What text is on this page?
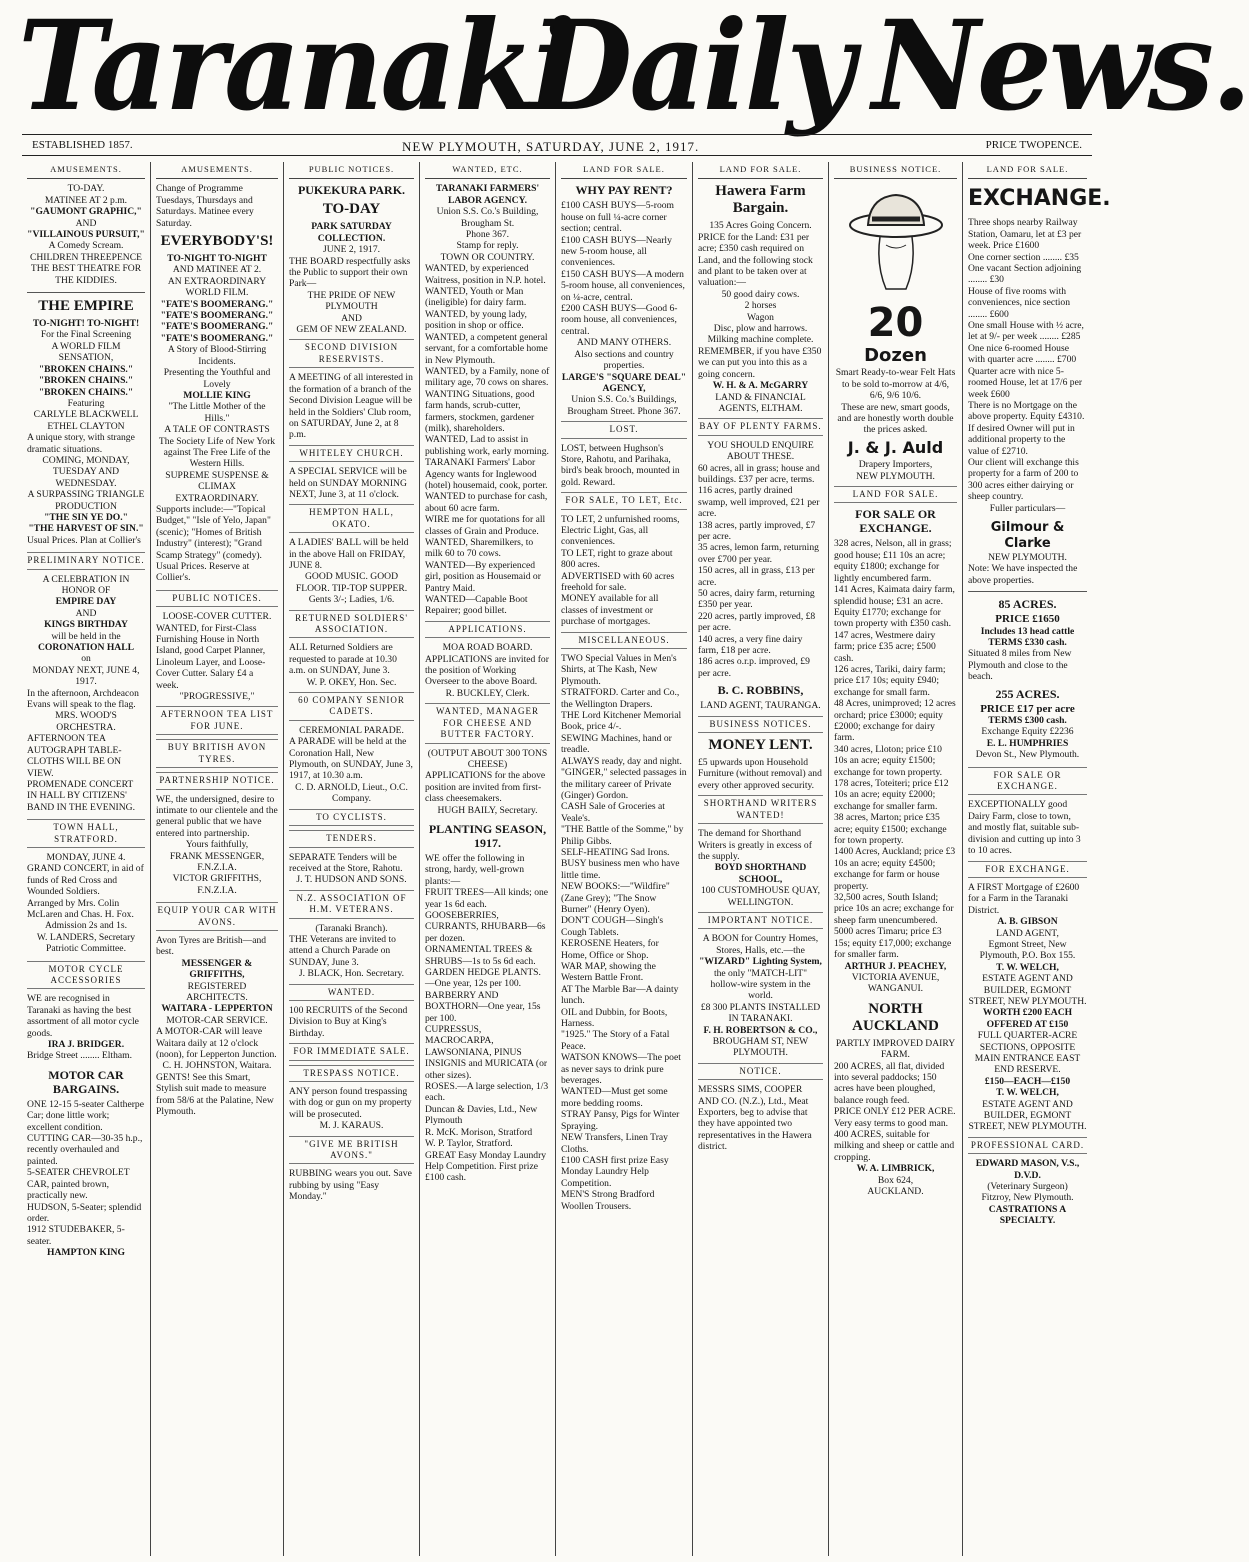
Taranaki
Daily News.
ESTABLISHED 1857.	NEW PLYMOUTH, SATURDAY, JUNE 2, 1917.	PRICE TWOPENCE.
AMUSEMENTS.
TO-DAY.
MATINEE AT 2 p.m.
"GAUMONT GRAPHIC,"
AND
"VILLAINOUS PURSUIT,"
A Comedy Scream.
CHILDREN THREEPENCE
THE BEST THEATRE FOR
THE KIDDIES.
THE EMPIRE
TO-NIGHT! TO-NIGHT!
For the Final Screening
A WORLD FILM SENSATION,
"BROKEN CHAINS."
"BROKEN CHAINS."
"BROKEN CHAINS."
Featuring
CARLYLE BLACKWELL
ETHEL CLAYTON
A unique story, with strange dramatic situations.
COMING, MONDAY, TUESDAY AND WEDNESDAY.
A SURPASSING TRIANGLE PRODUCTION
"THE SIN YE DO."
"THE HARVEST OF SIN."
Usual Prices. Plan at Collier's
PRELIMINARY NOTICE.
A CELEBRATION IN HONOR OF
EMPIRE DAY
AND
KINGS BIRTHDAY
will be held in the
CORONATION HALL
on
MONDAY NEXT, JUNE 4, 1917.
In the afternoon, Archdeacon Evans will speak to the flag.
MRS. WOOD'S ORCHESTRA.
AFTERNOON TEA AUTOGRAPH TABLE-CLOTHS WILL BE ON VIEW.
PROMENADE CONCERT IN HALL BY CITIZENS' BAND IN THE EVENING.
TOWN HALL, STRATFORD.
MONDAY, JUNE 4.
GRAND CONCERT, in aid of funds of Red Cross and Wounded Soldiers.
Arranged by Mrs. Colin McLaren and Chas. H. Fox.
Admission 2s and 1s.
W. LANDERS, Secretary Patriotic Committee.
MOTOR CYCLE ACCESSORIES
WE are recognised in Taranaki as having the best assortment of all motor cycle goods.
IRA J. BRIDGER.
Bridge Street ........ Eltham.
MOTOR CAR BARGAINS.
ONE 12-15 5-seater Caltherpe Car; done little work; excellent condition.
CUTTING CAR—30-35 h.p., recently overhauled and painted.
5-SEATER CHEVROLET CAR, painted brown, practically new.
HUDSON, 5-Seater; splendid order.
1912 STUDEBAKER, 5-seater.
HAMPTON KING
AMUSEMENTS.
Change of Programme Tuesdays, Thursdays and Saturdays. Matinee every Saturday.
EVERYBODY'S!
TO-NIGHT TO-NIGHT
AND MATINEE AT 2.
AN EXTRAORDINARY WORLD FILM.
"FATE'S BOOMERANG."
"FATE'S BOOMERANG."
"FATE'S BOOMERANG."
"FATE'S BOOMERANG."
A Story of Blood-Stirring Incidents.
Presenting the Youthful and Lovely
MOLLIE KING
"The Little Mother of the Hills."
A TALE OF CONTRASTS
The Society Life of New York against The Free Life of the Western Hills.
SUPREME SUSPENSE & CLIMAX EXTRAORDINARY.
Supports include:—"Topical Budget," "Isle of Yelo, Japan" (scenic); "Homes of British Industry" (interest); "Grand Scamp Strategy" (comedy).
Usual Prices. Reserve at Collier's.
PUBLIC NOTICES.
LOOSE-COVER CUTTER.
WANTED, for First-Class Furnishing House in North Island, good Carpet Planner, Linoleum Layer, and Loose-Cover Cutter. Salary £4 a week.
"PROGRESSIVE,"
AFTERNOON TEA LIST FOR JUNE.
BUY BRITISH AVON TYRES.
PARTNERSHIP NOTICE.
WE, the undersigned, desire to intimate to our clientele and the general public that we have entered into partnership.
Yours faithfully,
FRANK MESSENGER, F.N.Z.I.A.
VICTOR GRIFFITHS, F.N.Z.I.A.
EQUIP YOUR CAR WITH AVONS.
Avon Tyres are British—and best.
MESSENGER & GRIFFITHS,
REGISTERED ARCHITECTS.
WAITARA - LEPPERTON
MOTOR-CAR SERVICE.
A MOTOR-CAR will leave Waitara daily at 12 o'clock (noon), for Lepperton Junction.
C. H. JOHNSTON, Waitara.
GENTS! See this Smart, Stylish suit made to measure from 58/6 at the Palatine, New Plymouth.
PUBLIC NOTICES.
PUKEKURA PARK.
TO-DAY
PARK SATURDAY COLLECTION.
JUNE 2, 1917.
THE BOARD respectfully asks the Public to support their own Park—
THE PRIDE OF NEW PLYMOUTH
AND
GEM OF NEW ZEALAND.
SECOND DIVISION RESERVISTS.
A MEETING of all interested in the formation of a branch of the Second Division League will be held in the Soldiers' Club room, on SATURDAY, June 2, at 8 p.m.
WHITELEY CHURCH.
A SPECIAL SERVICE will be held on SUNDAY MORNING NEXT, June 3, at 11 o'clock.
HEMPTON HALL, OKATO.
A LADIES' BALL will be held in the above Hall on FRIDAY, JUNE 8.
GOOD MUSIC. GOOD FLOOR. TIP-TOP SUPPER.
Gents 3/-; Ladies, 1/6.
RETURNED SOLDIERS' ASSOCIATION.
ALL Returned Soldiers are requested to parade at 10.30 a.m. on SUNDAY, June 3.
W. P. OKEY, Hon. Sec.
60 COMPANY SENIOR CADETS.
CEREMONIAL PARADE.
A PARADE will be held at the Coronation Hall, New Plymouth, on SUNDAY, June 3, 1917, at 10.30 a.m.
C. D. ARNOLD, Lieut., O.C. Company.
TO CYCLISTS.
TENDERS.
SEPARATE Tenders will be received at the Store, Rahotu.
J. T. HUDSON AND SONS.
N.Z. ASSOCIATION OF H.M. VETERANS.
(Taranaki Branch).
THE Veterans are invited to attend a Church Parade on SUNDAY, June 3.
J. BLACK, Hon. Secretary.
WANTED.
100 RECRUITS of the Second Division to Buy at King's Birthday.
FOR IMMEDIATE SALE.
TRESPASS NOTICE.
ANY person found trespassing with dog or gun on my property will be prosecuted.
M. J. KARAUS.
"GIVE ME BRITISH AVONS."
RUBBING wears you out. Save rubbing by using "Easy Monday."
WANTED, ETC.
TARANAKI FARMERS' LABOR AGENCY.
Union S.S. Co.'s Building, Brougham St.
Phone 367.
Stamp for reply.
TOWN OR COUNTRY.
WANTED, by experienced Waitress, position in N.P. hotel.
WANTED, Youth or Man (ineligible) for dairy farm.
WANTED, by young lady, position in shop or office.
WANTED, a competent general servant, for a comfortable home in New Plymouth.
WANTED, by a Family, none of military age, 70 cows on shares.
WANTING Situations, good farm hands, scrub-cutter, farmers, stockmen, gardener (milk), shareholders.
WANTED, Lad to assist in publishing work, early morning.
TARANAKI Farmers' Labor Agency wants for Inglewood (hotel) housemaid, cook, porter.
WANTED to purchase for cash, about 60 acre farm.
WIRE me for quotations for all classes of Grain and Produce.
WANTED, Sharemilkers, to milk 60 to 70 cows.
WANTED—By experienced girl, position as Housemaid or Pantry Maid.
WANTED—Capable Boot Repairer; good billet.
APPLICATIONS.
MOA ROAD BOARD.
APPLICATIONS are invited for the position of Working Overseer to the above Board.
R. BUCKLEY, Clerk.
WANTED, MANAGER FOR CHEESE AND BUTTER FACTORY.
(OUTPUT ABOUT 300 TONS CHEESE)
APPLICATIONS for the above position are invited from first-class cheesemakers.
HUGH BAILY, Secretary.
PLANTING SEASON, 1917.
WE offer the following in strong, hardy, well-grown plants:—
FRUIT TREES—All kinds; one year 1s 6d each.
GOOSEBERRIES, CURRANTS, RHUBARB—6s per dozen.
ORNAMENTAL TREES & SHRUBS—1s to 5s 6d each.
GARDEN HEDGE PLANTS.—One year, 12s per 100.
BARBERRY AND BOXTHORN—One year, 15s per 100.
CUPRESSUS, MACROCARPA, LAWSONIANA, PINUS INSIGNIS and MURICATA (or other sizes).
ROSES.—A large selection, 1/3 each.
Duncan & Davies, Ltd., New Plymouth
R. McK. Morison, Stratford
W. P. Taylor, Stratford.
GREAT Easy Monday Laundry Help Competition. First prize £100 cash.
LAND FOR SALE.
WHY PAY RENT?
£100 CASH BUYS—5-room house on full ¼-acre corner section; central.
£100 CASH BUYS—Nearly new 5-room house, all conveniences.
£150 CASH BUYS—A modern 5-room house, all conveniences, on ¼-acre, central.
£200 CASH BUYS—Good 6-room house, all conveniences, central.
AND MANY OTHERS.
Also sections and country properties.
LARGE'S "SQUARE DEAL" AGENCY,
Union S.S. Co.'s Buildings, Brougham Street. Phone 367.
LOST.
LOST, between Hughson's Store, Rahotu, and Parihaka, bird's beak brooch, mounted in gold. Reward.
FOR SALE, TO LET, Etc.
TO LET, 2 unfurnished rooms, Electric Light, Gas, all conveniences.
TO LET, right to graze about 800 acres.
ADVERTISED with 60 acres freehold for sale.
MONEY available for all classes of investment or purchase of mortgages.
MISCELLANEOUS.
TWO Special Values in Men's Shirts, at The Kash, New Plymouth.
STRATFORD. Carter and Co., the Wellington Drapers.
THE Lord Kitchener Memorial Book, price 4/-.
SEWING Machines, hand or treadle.
ALWAYS ready, day and night.
"GINGER," selected passages in the military career of Private (Ginger) Gordon.
CASH Sale of Groceries at Veale's.
"THE Battle of the Somme," by Philip Gibbs.
SELF-HEATING Sad Irons.
BUSY business men who have little time.
NEW BOOKS:—"Wildfire" (Zane Grey); "The Snow Burner" (Henry Oyen).
DON'T COUGH—Singh's Cough Tablets.
KEROSENE Heaters, for Home, Office or Shop.
WAR MAP, showing the Western Battle Front.
AT The Marble Bar—A dainty lunch.
OIL and Dubbin, for Boots, Harness.
"1925." The Story of a Fatal Peace.
WATSON KNOWS—The poet as never says to drink pure beverages.
WANTED—Must get some more bedding rooms.
STRAY Pansy, Pigs for Winter Spraying.
NEW Transfers, Linen Tray Cloths.
£100 CASH first prize Easy Monday Laundry Help Competition.
MEN'S Strong Bradford Woollen Trousers.
LAND FOR SALE.
Hawera Farm Bargain.
135 Acres Going Concern.
PRICE for the Land: £31 per acre; £350 cash required on Land, and the following stock and plant to be taken over at valuation:—
50 good dairy cows.
2 horses
Wagon
Disc, plow and harrows.
Milking machine complete.
REMEMBER, if you have £350 we can put you into this as a going concern.
W. H. & A. McGARRY
LAND & FINANCIAL AGENTS, ELTHAM.
BAY OF PLENTY FARMS.
YOU SHOULD ENQUIRE ABOUT THESE.
60 acres, all in grass; house and buildings. £37 per acre, terms.
116 acres, partly drained swamp, well improved, £21 per acre.
138 acres, partly improved, £7 per acre.
35 acres, lemon farm, returning over £700 per year.
150 acres, all in grass, £13 per acre.
50 acres, dairy farm, returning £350 per year.
220 acres, partly improved, £8 per acre.
140 acres, a very fine dairy farm, £18 per acre.
186 acres o.r.p. improved, £9 per acre.
B. C. ROBBINS,
LAND AGENT, TAURANGA.
BUSINESS NOTICES.
MONEY LENT.
£5 upwards upon Household Furniture (without removal) and every other approved security.
SHORTHAND WRITERS WANTED!
The demand for Shorthand Writers is greatly in excess of the supply.
BOYD SHORTHAND SCHOOL,
100 CUSTOMHOUSE QUAY, WELLINGTON.
IMPORTANT NOTICE.
A BOON for Country Homes, Stores, Halls, etc.—the
"WIZARD" Lighting System,
the only "MATCH-LIT" hollow-wire system in the world.
£8 300 PLANTS INSTALLED IN TARANAKI.
F. H. ROBERTSON & CO.,
BROUGHAM ST, NEW PLYMOUTH.
NOTICE.
MESSRS SIMS, COOPER AND CO. (N.Z.), Ltd., Meat Exporters, beg to advise that they have appointed two representatives in the Hawera district.
BUSINESS NOTICE.
20
Dozen
Smart Ready-to-wear Felt Hats to be sold to-morrow at 4/6, 6/6, 9/6 10/6.
These are new, smart goods, and are honestly worth double the prices asked.
J. & J. Auld
Drapery Importers,
NEW PLYMOUTH.
LAND FOR SALE.
FOR SALE OR EXCHANGE.
328 acres, Nelson, all in grass; good house; £11 10s an acre; equity £1800; exchange for lightly encumbered farm.
141 Acres, Kaimata dairy farm, splendid house; £31 an acre. Equity £1770; exchange for town property with £350 cash.
147 acres, Westmere dairy farm; price £35 acre; £500 cash.
126 acres, Tariki, dairy farm; price £17 10s; equity £940; exchange for small farm.
48 Acres, unimproved; 12 acres orchard; price £3000; equity £2000; exchange for dairy farm.
340 acres, Lloton; price £10 10s an acre; equity £1500; exchange for town property.
178 acres, Toteiteri; price £12 10s an acre; equity £2000; exchange for smaller farm.
38 acres, Marton; price £35 acre; equity £1500; exchange for town property.
1400 Acres, Auckland; price £3 10s an acre; equity £4500; exchange for farm or house property.
32,500 acres, South Island; price 10s an acre; exchange for sheep farm unencumbered.
5000 acres Timaru; price £3 15s; equity £17,000; exchange for smaller farm.
ARTHUR J. PEACHEY,
VICTORIA AVENUE, WANGANUI.
NORTH AUCKLAND
PARTLY IMPROVED DAIRY FARM.
200 ACRES, all flat, divided into several paddocks; 150 acres have been ploughed, balance rough feed.
PRICE ONLY £12 PER ACRE. Very easy terms to good man.
400 ACRES, suitable for milking and sheep or cattle and cropping.
W. A. LIMBRICK,
Box 624,
AUCKLAND.
LAND FOR SALE.
EXCHANGE.
Three shops nearby Railway Station, Oamaru, let at £3 per week. Price £1600
One corner section ........ £35
One vacant Section adjoining ........ £30
House of five rooms with conveniences, nice section ........ £600
One small House with ½ acre, let at 9/- per week ........ £285
One nice 6-roomed House with quarter acre ........ £700
Quarter acre with nice 5-roomed House, let at 17/6 per week £600
There is no Mortgage on the above property. Equity £4310.
If desired Owner will put in additional property to the value of £2710.
Our client will exchange this property for a farm of 200 to 300 acres either dairying or sheep country.
Fuller particulars—
Gilmour & Clarke
NEW PLYMOUTH.
Note: We have inspected the above properties.
85 ACRES.
PRICE £1650
Includes 13 head cattle
TERMS £330 cash.
Situated 8 miles from New Plymouth and close to the beach.
255 ACRES.
PRICE £17 per acre
TERMS £300 cash.
Exchange Equity £2236
E. L. HUMPHRIES
Devon St., New Plymouth.
FOR SALE OR EXCHANGE.
EXCEPTIONALLY good Dairy Farm, close to town, and mostly flat, suitable sub-division and cutting up into 3 to 10 acres.
FOR EXCHANGE.
A FIRST Mortgage of £2600 for a Farm in the Taranaki District.
A. B. GIBSON
LAND AGENT,
Egmont Street, New Plymouth, P.O. Box 155.
T. W. WELCH,
ESTATE AGENT AND BUILDER, EGMONT STREET, NEW PLYMOUTH.
WORTH £200 EACH
OFFERED AT £150
FULL QUARTER-ACRE SECTIONS, OPPOSITE MAIN ENTRANCE EAST END RESERVE.
£150—EACH—£150
T. W. WELCH,
ESTATE AGENT AND BUILDER, EGMONT STREET, NEW PLYMOUTH.
PROFESSIONAL CARD.
EDWARD MASON, V.S., D.V.D.
(Veterinary Surgeon)
Fitzroy, New Plymouth.
CASTRATIONS A SPECIALTY.
